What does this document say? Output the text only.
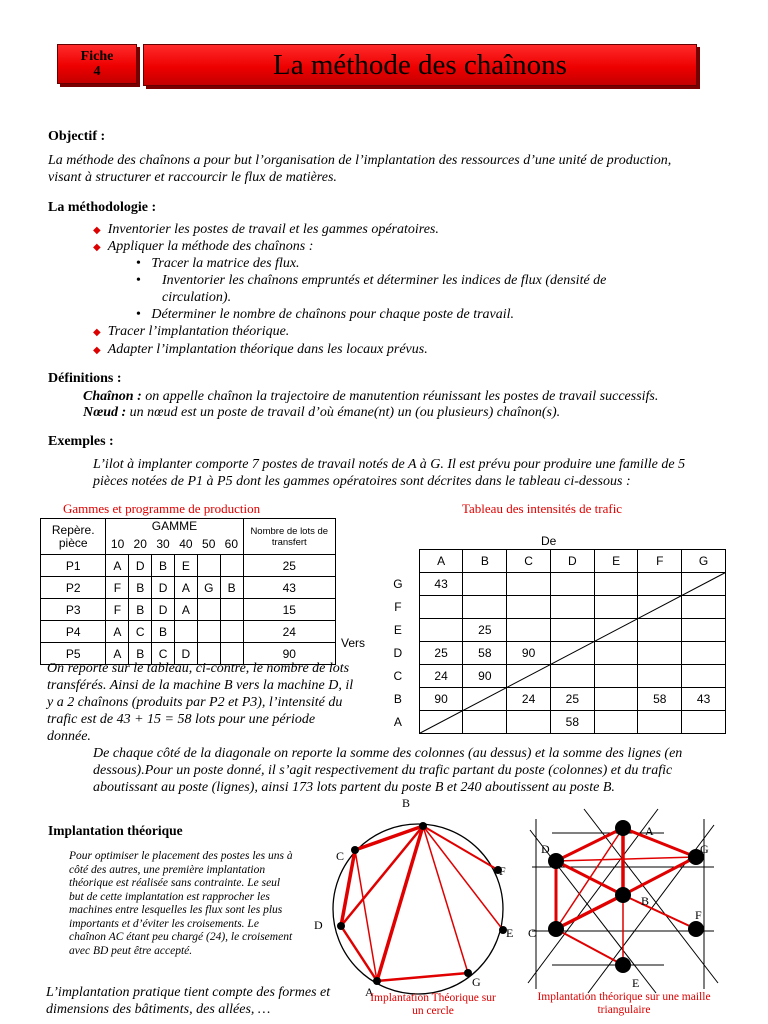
Fiche
4	La méthode des chaînons
Objectif :
La méthode des chaînons a pour but l’organisation de l’implantation des ressources d’une unité de production, visant à structurer et raccourcir le flux de matières.
La méthodologie :
◆ Inventorier les postes de travail et les gammes opératoires.
◆ Appliquer la méthode des chaînons :
• Tracer la matrice des flux.
• Inventorier les chaînons empruntés et déterminer les indices de flux (densité de circulation).
• Déterminer le nombre de chaînons pour chaque poste de travail.
◆ Tracer l’implantation théorique.
◆ Adapter l’implantation théorique dans les locaux prévus.
Définitions :
Chaînon : on appelle chaînon la trajectoire de manutention réunissant les postes de travail successifs.
Nœud : un nœud est un poste de travail d’où émane(nt) un (ou plusieurs) chaînon(s).
Exemples :
L’ilot à implanter comporte 7 postes de travail notés de A à G. Il est prévu pour produire une famille de 5 pièces notées de P1 à P5 dont les gammes opératoires sont décrites dans le tableau ci-dessous :
Gammes et programme de production
Repère. pièce	GAMME						Nombre de lots de transfert
	10	20	30	40	50	60	
P1	A	D	B	E			25
P2	F	B	D	A	G	B	43
P3	F	B	D	A			15
P4	A	C	B				24
P5	A	B	C	D			90
Tableau des intensités de trafic
De
Vers
	A	B	C	D	E	F	G
G	43						
F							
E		25					
D	25	58	90				
C	24	90					
B	90		24	25		58	43
A				58			
On reporte sur le tableau, ci-contre, le nombre de lots transférés. Ainsi de la machine B vers la machine D, il y a 2 chaînons (produits par P2 et P3), l’intensité du trafic est de 43 + 15 = 58 lots pour une période donnée.
De chaque côté de la diagonale on reporte la somme des colonnes (au dessus) et la somme des lignes (en dessous).Pour un poste donné, il s’agit respectivement du trafic partant du poste (colonnes) et du trafic aboutissant au poste (lignes), ainsi 173 lots partent du poste B et 240 aboutissent au poste B.
Implantation théorique
Pour optimiser le placement des postes les uns à côté des autres, une première implantation théorique est réalisée sans contrainte. Le seul but de cette implantation est rapprocher les machines entre lesquelles les flux sont les plus importants et d’éviter les croisements. Le chaînon AC étant peu chargé (24), le croisement avec BD peut être accepté.
L’implantation pratique tient compte des formes et dimensions des bâtiments, des allées, …
B
C
F
D
E
A
G
Implantation Théorique sur un cercle
A
D	G
B
F
C
E
Implantation théorique sur une maille triangulaire
